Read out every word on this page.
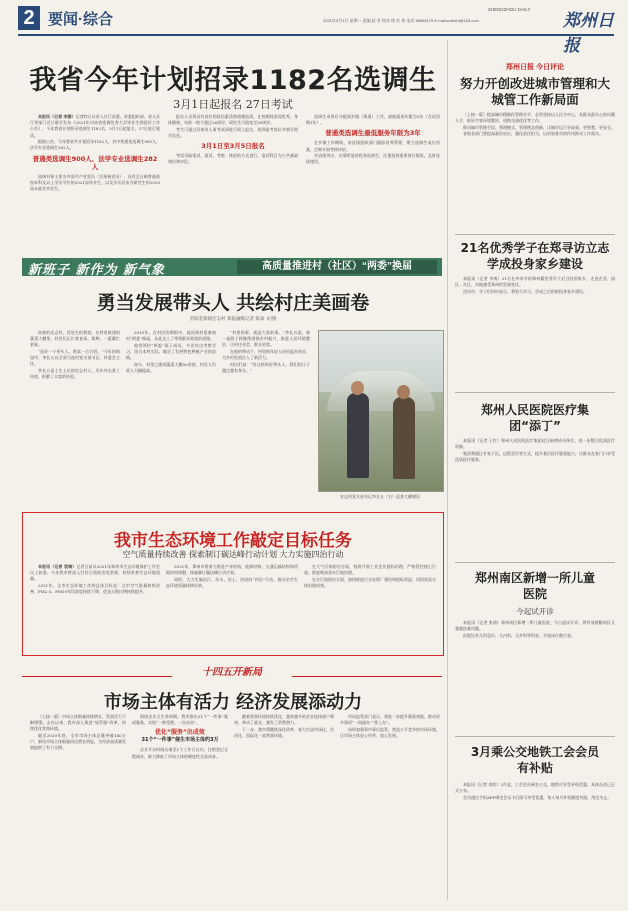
2 要闻·综合	2021年3月1日 星期一 责编 赵 芳 校对 徐 宏 伟 电话 56565179 E-mail:zzrbzhi@163.com
ZHENGZHOU DAILY
郑州日报
我省今年计划招录1182名选调生
3月1日起报名 27日考试

本报讯（记者 李娜）记者昨日从省人社厅获悉，省委组织部、省人社厅等部门近日联合发布《2021年河南省选调优秀大学毕业生到基层工作公告》，今年我省计划招录选调生1182名，3月1日起报名，27日进行笔试。

根据公告，今年我省共计划招录1182人，其中普通类选调生900人，法学专业选调生282人。

普通类选调生900人、法学专业选调生282人

选调对象主要为中国共产党党员（含预备党员）、具有全日制普通高校本科及以上学历学位的2021届毕业生，以及学历层次为研究生的2020届未就业毕业生。

报名人员须具有良好的政治素质和道德品质，在校期间表现优秀，身体健康，年龄一般不超过26周岁，研究生可放宽至30周岁。

考生可通过河南省人事考试网进行网上报名，选择报考岗位并填写相关信息。

3月1日至3月5日报名

考试采取笔试、面试、考察、体检的方式进行，笔试科目为公共基础知识和申论。

选调生录用后分配到乡镇（街道）工作，最低服务年限为3年（含试用期1年）。

普通类选调生最低服务年限为3年

在乡镇工作期间，由县级组织部门跟踪培养管理，建立选调生成长档案，定期开展考核评价。

对表现突出、实绩明显的优秀选调生，注重放到重要岗位锻炼，及时选拔使用。

新班子 新作为 新气象	高质量推进村（社区）“两委”换届
勇当发展带头人 共绘村庄美画卷
荥阳金寨镇宏志村 郑报融媒记者 陈泰 文/图

初春的宏志村，处处生机勃勃。在村里新建的蔬菜大棚里，村民们正忙着育苗、栽种，一派繁忙景象。

“选好一个带头人，带富一方百姓。”今年的换届中，李长五以全票当选村党支部书记、村委会主任。

李长五是土生土长的宏志村人，早年外出务工经商，积累了丰富的经验。

2015年，在村民的期盼中，他回到村里参加村“两委”换届，从此走上了带领群众致富的道路。

他带领村“两委”班子成员，多次外出考察学习，结合本村实际，确定了发展特色种植产业的思路。

如今，村里已建成蔬菜大棚50余座，村民人均收入大幅提高。

“村里的事，就是大家的事。”李长五说，新一届班子将继续围绕乡村振兴，推进人居环境整治，让村庄更美、群众更富。

在他的带动下，村里的年轻人纷纷返乡创业，为乡村发展注入了新活力。

村民们说：“有这样的好带头人，我们的日子越过越有奔头。”

宏志村党支部书记李长五（右）巡查大棚建设
我市生态环境工作敲定目标任务
空气质量持续改善 探索制订碳达峰行动计划 大力实施四治行动

本报讯（记者 袁瑞）记者日前从2021年郑州市生态环境保护工作会议上获悉，今年我市将深入打好污染防治攻坚战，持续改善生态环境质量。

2021年，全市生态环境工作的总体目标是：全市空气质量持续改善，PM2.5、PM10年均浓度持续下降，优良天数比例持续提升。

2021年，郑州市将着力推进产业结构、能源结构、交通运输结构和用地结构调整，探索制订碳达峰行动计划。

同时，大力实施治污、治水、治土、治固的“四治”行动，推动全市生态环境质量持续好转。

在大气污染防治方面，持续开展工业企业提标治理，严格管控扬尘污染，推进柴油货车污染治理。

在水污染防治方面，加快推进污水处理厂建设和提标改造，巩固黑臭水体治理成效。

十四五开新局
市场主体有活力 经济发展添动力

（上接一版）市场主体数量持续增长，发展活力不断增强。去年以来，我市深入推进“放管服”改革，持续优化营商环境。

截至2020年底，全市市场主体总量突破140万户，新设市场主体数量同比增长明显，为经济高质量发展提供了有力支撑。

围绕企业全生命周期，我市推出31个“一件事”集成服务，实现“一窗受理、一次办结”。

优化“服务”出成效
31个“一件事”催生市场主体约3万

企业开办时间压缩至1个工作日以内，注销登记全程网办，极大降低了市场主体的制度性交易成本。

随着营商环境持续优化，越来越多的企业选择落户郑州，带动了就业，激发了消费潜力。

下一步，我市将继续深化改革，着力打造市场化、法治化、国际化一流营商环境。

市场监管部门表示，将进一步提升服务效能，推动更多事项“一网通办”“掌上办”。

同时加强事中事后监管，营造公平竞争的市场环境，让市场主体安心经营、放心发展。

郑州日报 今日评论
努力开创改进城市管理和大城管工作新局面

（上接一版）提高城市精细化管理水平，必须坚持以人民为中心，从群众最关心的问题入手，抓好市容环境整治、道路交通优化等工作。

推动城市管理手段、管理模式、管理理念创新，让城市运行更高效、更智慧、更安全。

各级各部门要提高政治站位，强化责任担当，以更加务实的作风推动工作落实。

21名优秀学子在郑寻访立志学成投身家乡建设

本报讯（记者 李爽）21名在外求学的郑州籍优秀学子近日回到家乡，走进企业、园区、社区，实地感受郑州的发展变化。

活动中，学子们纷纷表示，将努力学习，学成之后积极投身家乡建设。

郑州人民医院医疗集团“添丁”

本报讯（记者 王红）郑州人民医院医疗集团近日新增成员单位，进一步整合优质医疗资源。

集团将通过专家下沉、远程会诊等方式，提升基层医疗服务能力，让群众在家门口享受优质医疗服务。

郑州南区新增一所儿童医院
今起试开诊

本报讯（记者 张倩）郑州南区新增一所儿童医院，今日起试开诊，将有效缓解南区儿童就医难问题。

医院设有儿科急诊、儿内科、儿外科等科室，开放床位数百张。

3月乘公交地铁工会会员有补贴

本报讯（记者 刘欣）3月起，工会会员乘坐公交、地铁可享受补贴优惠，具体办法已正式公布。

会员通过手机APP绑定会员卡后即可享受优惠，每人每月补贴额度有限，用完为止。
